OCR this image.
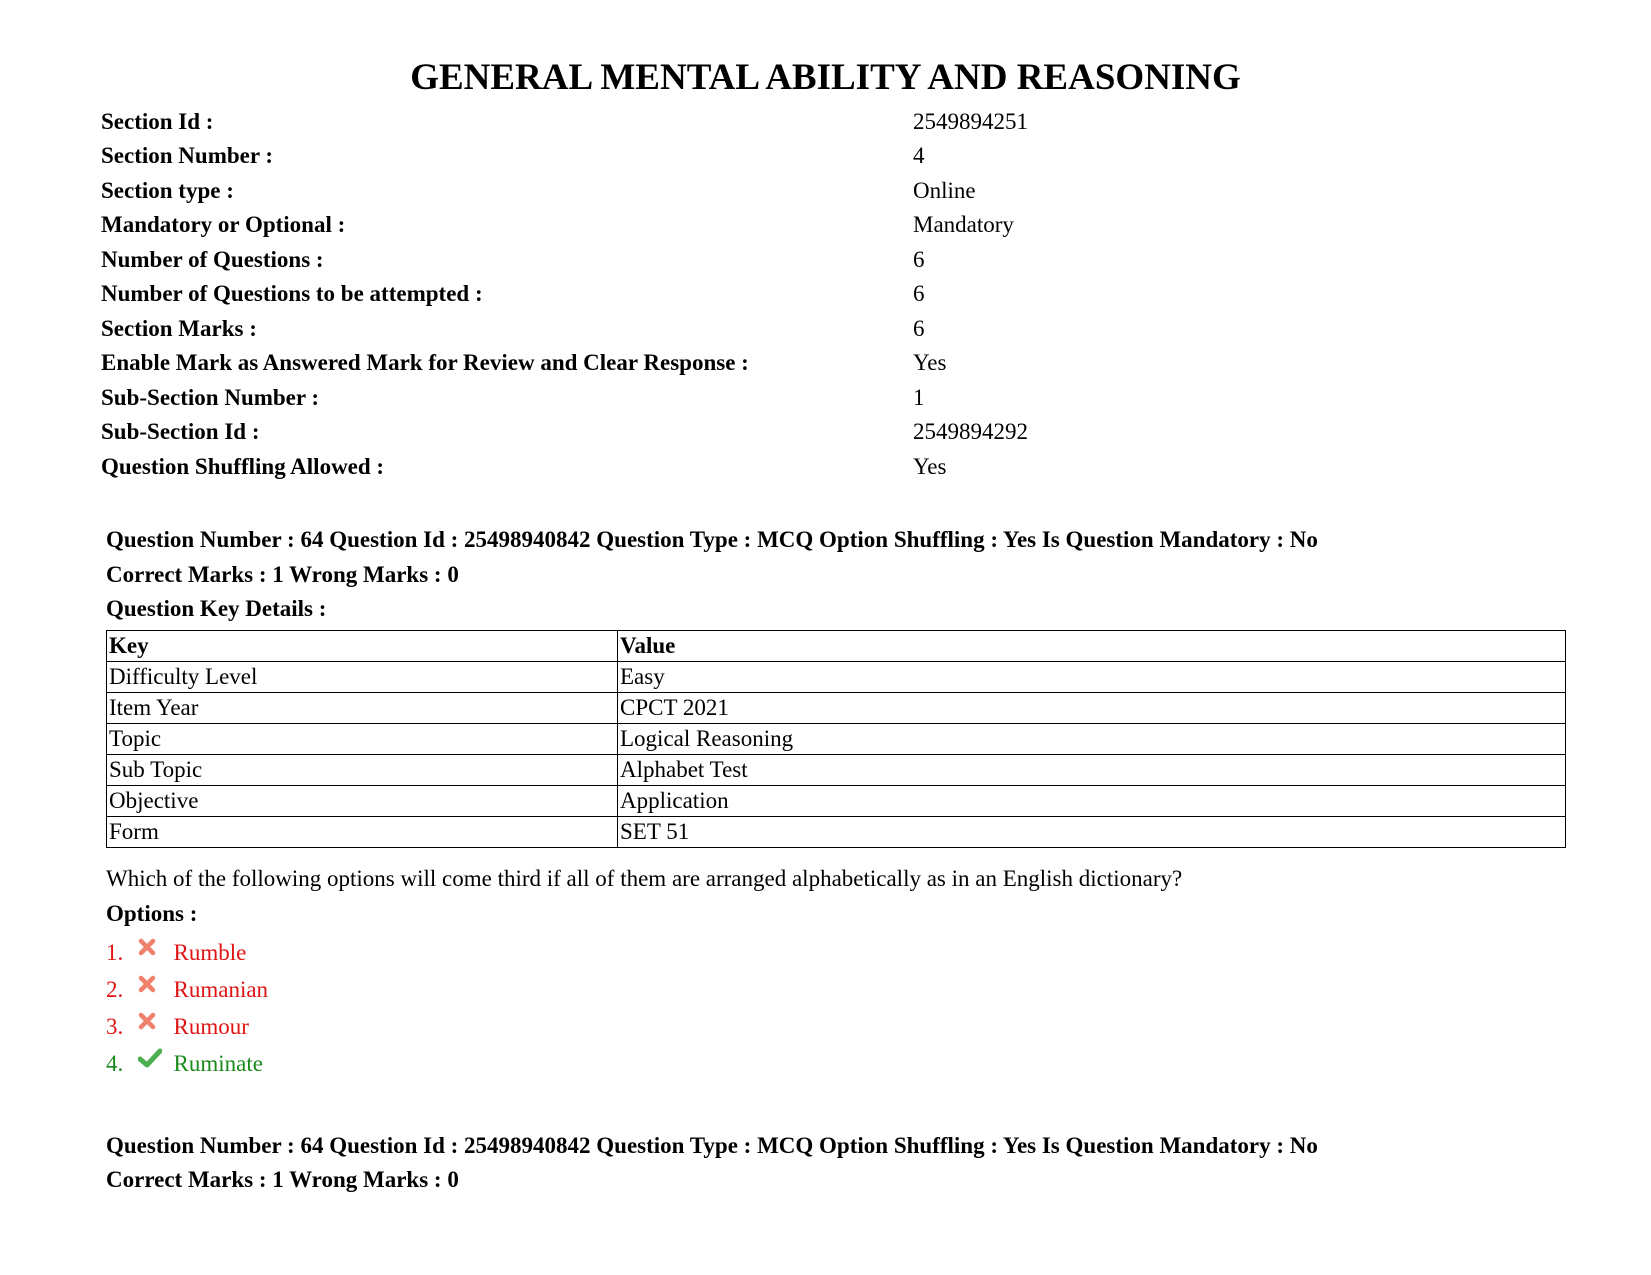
GENERAL MENTAL ABILITY AND REASONING
Section Id :	2549894251
Section Number :	4
Section type :	Online
Mandatory or Optional :	Mandatory
Number of Questions :	6
Number of Questions to be attempted :	6
Section Marks :	6
Enable Mark as Answered Mark for Review and Clear Response :	Yes
Sub-Section Number :	1
Sub-Section Id :	2549894292
Question Shuffling Allowed :	Yes
Question Number : 64 Question Id : 25498940842 Question Type : MCQ Option Shuffling : Yes Is Question Mandatory : No
Correct Marks : 1 Wrong Marks : 0
Question Key Details :
Key	Value
Difficulty Level	Easy
Item Year	CPCT 2021
Topic	Logical Reasoning
Sub Topic	Alphabet Test
Objective	Application
Form	SET 51
Which of the following options will come third if all of them are arranged alphabetically as in an English dictionary?
Options :
1. Rumble
2. Rumanian
3. Rumour
4. Ruminate
Question Number : 64 Question Id : 25498940842 Question Type : MCQ Option Shuffling : Yes Is Question Mandatory : No
Correct Marks : 1 Wrong Marks : 0
